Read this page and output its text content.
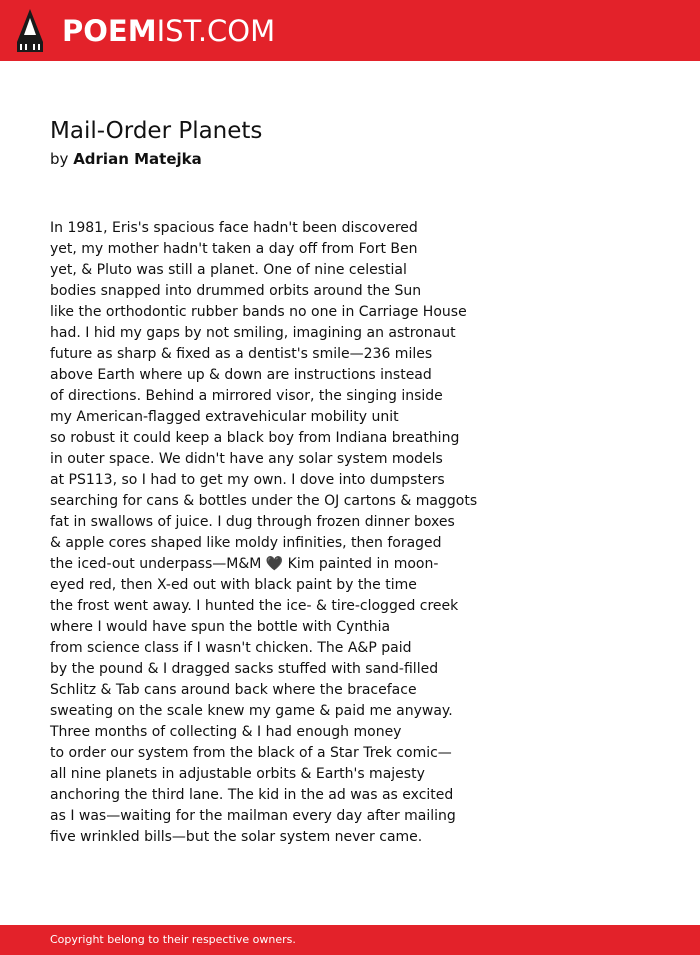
POEMIST.COM
Mail-Order Planets
by Adrian Matejka
In 1981, Eris's spacious face hadn't been discovered
yet, my mother hadn't taken a day off from Fort Ben
yet, & Pluto was still a planet. One of nine celestial
bodies snapped into drummed orbits around the Sun
like the orthodontic rubber bands no one in Carriage House
had. I hid my gaps by not smiling, imagining an astronaut
future as sharp & fixed as a dentist's smile—236 miles
above Earth where up & down are instructions instead
of directions. Behind a mirrored visor, the singing inside
my American-flagged extravehicular mobility unit
so robust it could keep a black boy from Indiana breathing
in outer space. We didn't have any solar system models
at PS113, so I had to get my own. I dove into dumpsters
searching for cans & bottles under the OJ cartons & maggots
fat in swallows of juice. I dug through frozen dinner boxes
& apple cores shaped like moldy infinities, then foraged
the iced-out underpass—M&M 🖤 Kim painted in moon-
eyed red, then X-ed out with black paint by the time
the frost went away. I hunted the ice- & tire-clogged creek
where I would have spun the bottle with Cynthia
from science class if I wasn't chicken. The A&P paid
by the pound & I dragged sacks stuffed with sand-filled
Schlitz & Tab cans around back where the braceface
sweating on the scale knew my game & paid me anyway.
Three months of collecting & I had enough money
to order our system from the black of a Star Trek comic—
all nine planets in adjustable orbits & Earth's majesty
anchoring the third lane. The kid in the ad was as excited
as I was—waiting for the mailman every day after mailing
five wrinkled bills—but the solar system never came.
Copyright belong to their respective owners.
